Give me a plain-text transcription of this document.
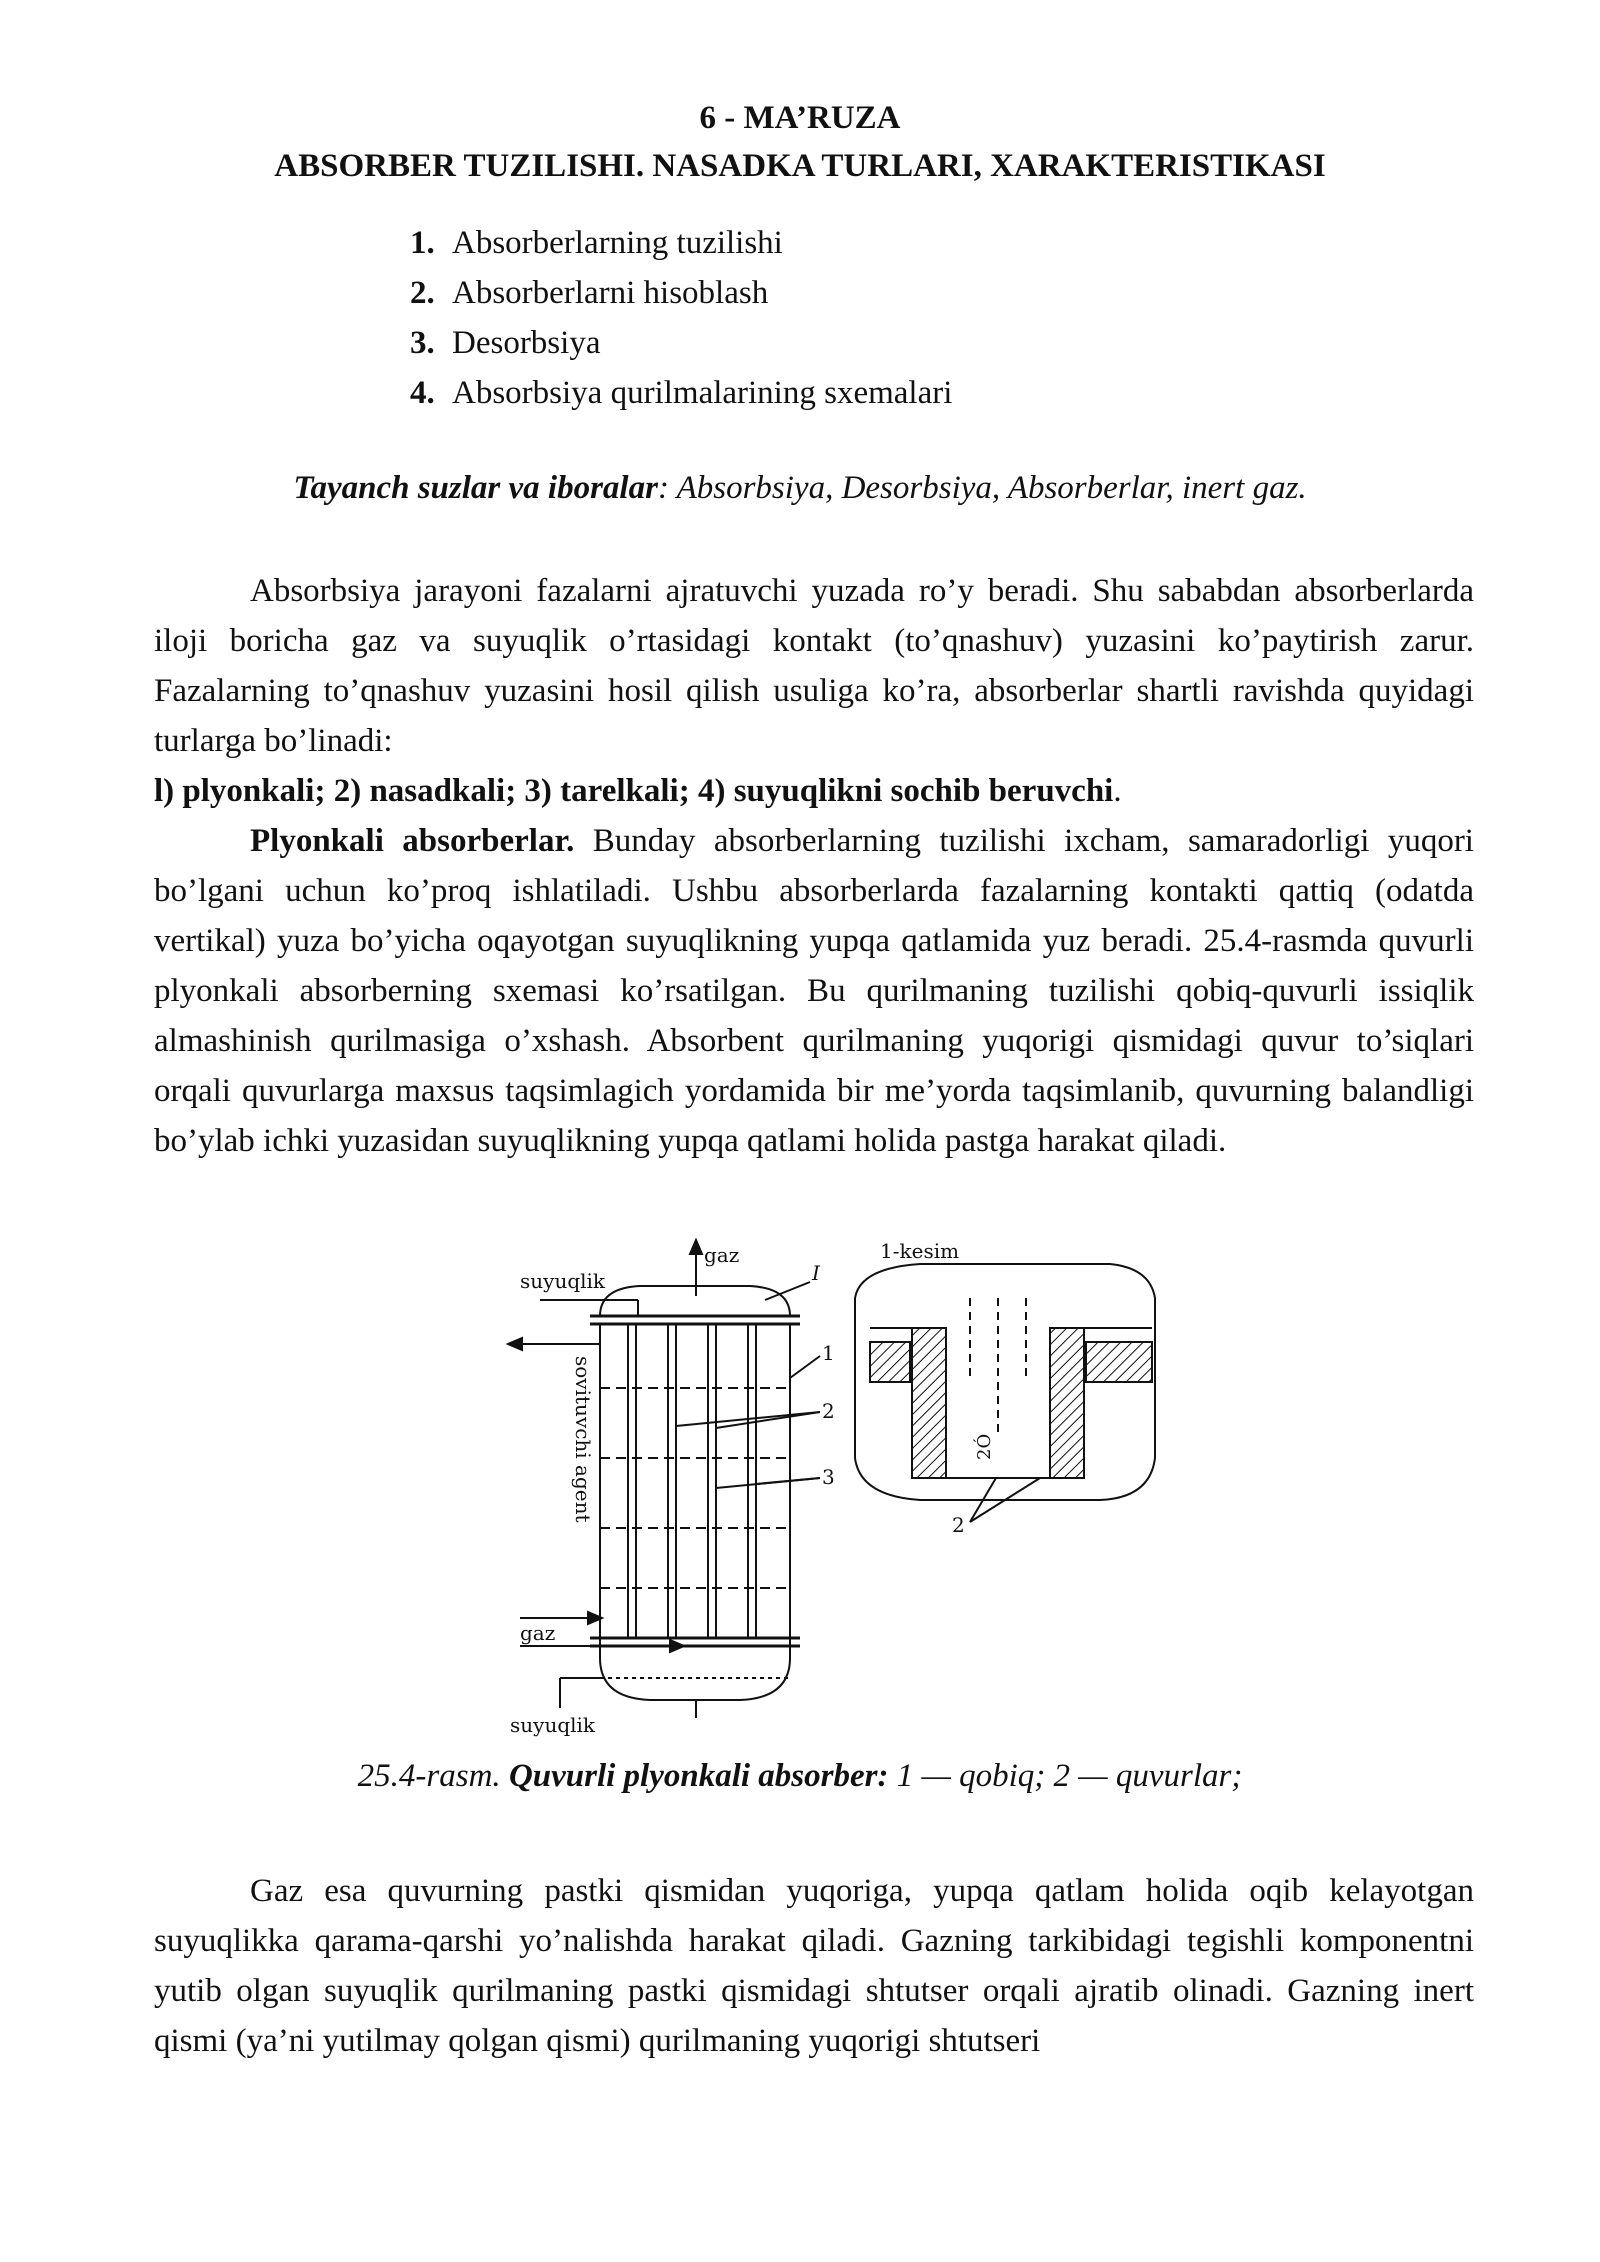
6 - MA’RUZA
ABSORBER TUZILISHI. NASADKA TURLARI, XARAKTERISTIKASI
1. Absorberlarning tuzilishi
2. Absorberlarni hisoblash
3. Desorbsiya
4. Absorbsiya qurilmalarining sxemalari

Tayanch suzlar va iboralar: Absorbsiya, Desorbsiya, Absorberlar, inert gaz.

Absorbsiya jarayoni fazalarni ajratuvchi yuzada ro’y beradi. Shu sababdan absorberlarda iloji boricha gaz va suyuqlik o’rtasidagi kontakt (to’qnashuv) yuzasini ko’paytirish zarur. Fazalarning to’qnashuv yuzasini hosil qilish usuliga ko’ra, absorberlar shartli ravishda quyidagi turlarga bo’linadi:

l) plyonkali; 2) nasadkali; 3) tarelkali; 4) suyuqlikni sochib beruvchi.

Plyonkali absorberlar. Bunday absorberlarning tuzilishi ixcham, samaradorligi yuqori bo’lgani uchun ko’proq ishlatiladi. Ushbu absorberlarda fazalarning kontakti qattiq (odatda vertikal) yuza bo’yicha oqayotgan suyuqlikning yupqa qatlamida yuz beradi. 25.4-rasmda quvurli plyonkali absorberning sxemasi ko’rsatilgan. Bu qurilmaning tuzilishi qobiq-quvurli issiqlik almashinish qurilmasiga o’xshash. Absorbent qurilmaning yuqorigi qismidagi quvur to’siqlari orqali quvurlarga maxsus taqsimlagich yordamida bir me’yorda taqsimlanib, quvurning balandligi bo’ylab ichki yuzasidan suyuqlikning yupqa qatlami holida pastga harakat qiladi.

gaz
suyuqlik
1-kesim
I
1
2
3
2
gaz
suyuqlik
sovituvchi agent	2Ó

25.4-rasm. Quvurli plyonkali absorber: 1 — qobiq; 2 — quvurlar;

Gaz esa quvurning pastki qismidan yuqoriga, yupqa qatlam holida oqib kelayotgan suyuqlikka qarama-qarshi yo’nalishda harakat qiladi. Gazning tarkibidagi tegishli komponentni yutib olgan suyuqlik qurilmaning pastki qismidagi shtutser orqali ajratib olinadi. Gazning inert qismi (ya’ni yutilmay qolgan qismi) qurilmaning yuqorigi shtutseri
